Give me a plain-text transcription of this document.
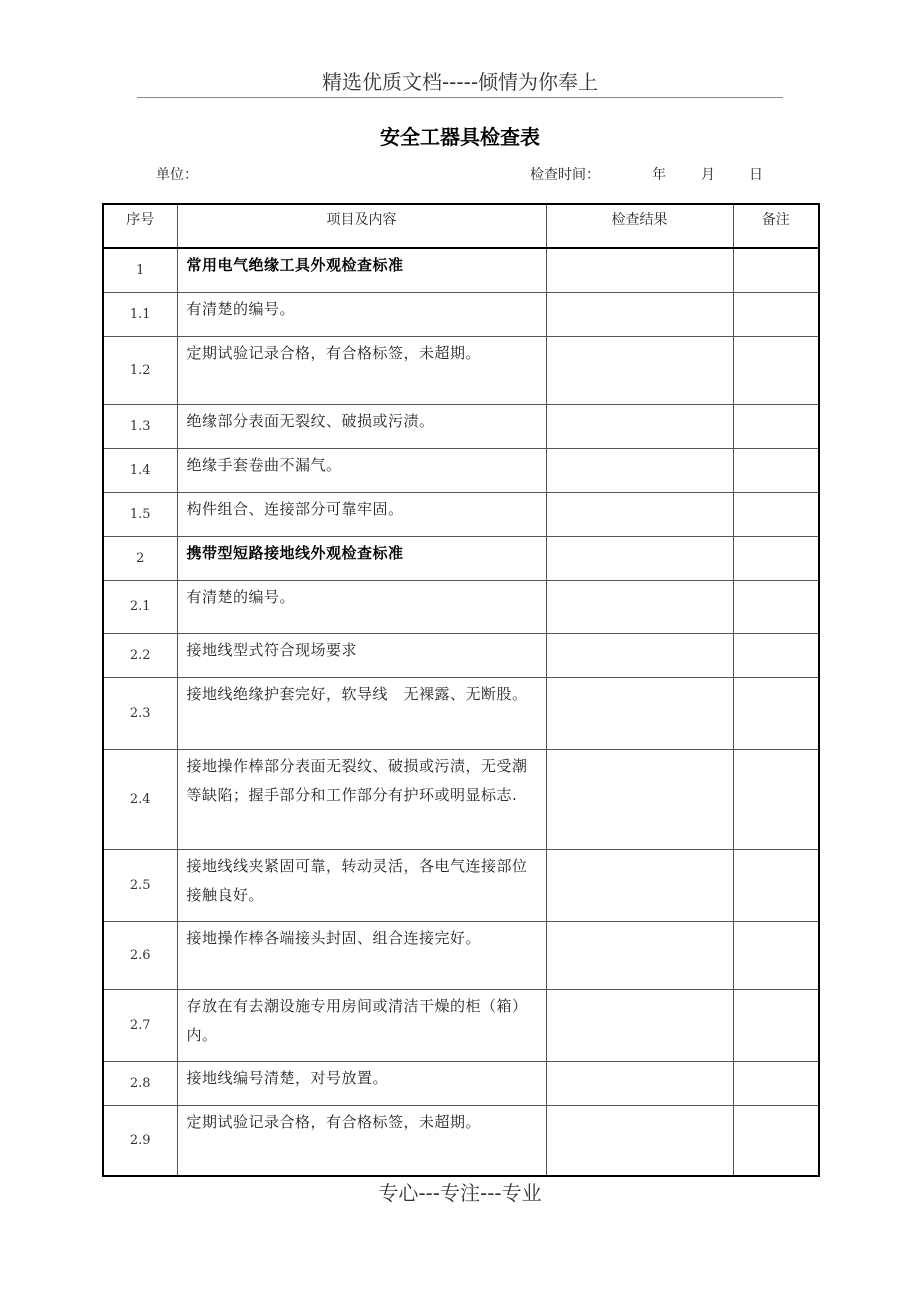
精选优质文档-----倾情为你奉上
安全工器具检查表
单位：	检查时间：	年	月 日
序号	项目及内容	检查结果	备注
1	常用电气绝缘工具外观检查标准		
1.1	有清楚的编号。		
1.2	定期试验记录合格，有合格标签，未超期。		
1.3	绝缘部分表面无裂纹、破损或污渍。		
1.4	绝缘手套卷曲不漏气。		
1.5	构件组合、连接部分可靠牢固。		
2	携带型短路接地线外观检查标准		
2.1	有清楚的编号。		
2.2	接地线型式符合现场要求		
2.3	接地线绝缘护套完好，软导线　无裸露、无断股。		
2.4	接地操作棒部分表面无裂纹、破损或污渍，无受潮等缺陷；握手部分和工作部分有护环或明显标志.		
2.5	接地线线夹紧固可靠，转动灵活，各电气连接部位接触良好。		
2.6	接地操作棒各端接头封固、组合连接完好。		
2.7	存放在有去潮设施专用房间或清洁干燥的柜（箱）内。		
2.8	接地线编号清楚，对号放置。		
2.9	定期试验记录合格，有合格标签，未超期。		
专心---专注---专业
